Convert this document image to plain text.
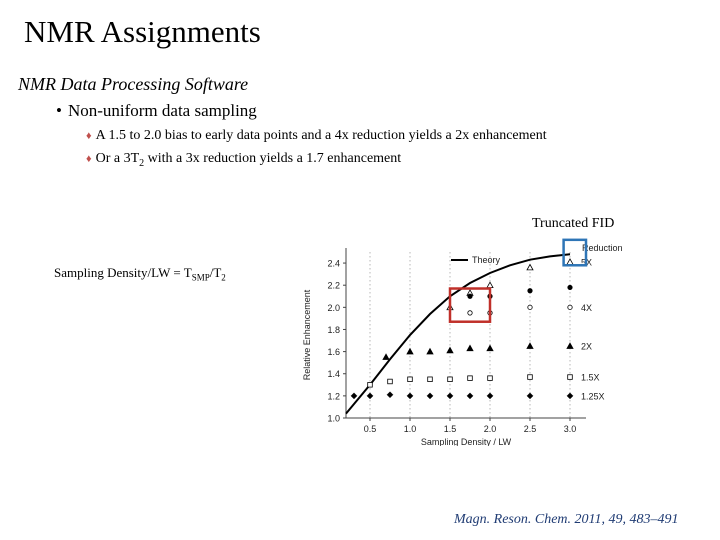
NMR Assignments
NMR Data Processing Software
• Non-uniform data sampling
♦ A 1.5 to 2.0 bias to early data points and a 4x reduction yields a 2x enhancement
♦ Or a $3T_2$ with a 3x reduction yields a 1.7 enhancement
Truncated FID
Sampling Density/LW = $T_{SMP}/T_2$
1.0
1.2
1.4
1.6
1.8
2.0
2.2
2.4
0.5	1.0	1.5	2.0	2.5	3.0
Sampling Density / LW
Relative Enhancement
Theory
Reduction
5X
4X
2X
1.5X
1.25X
Magn. Reson. Chem. 2011, 49, 483–491
